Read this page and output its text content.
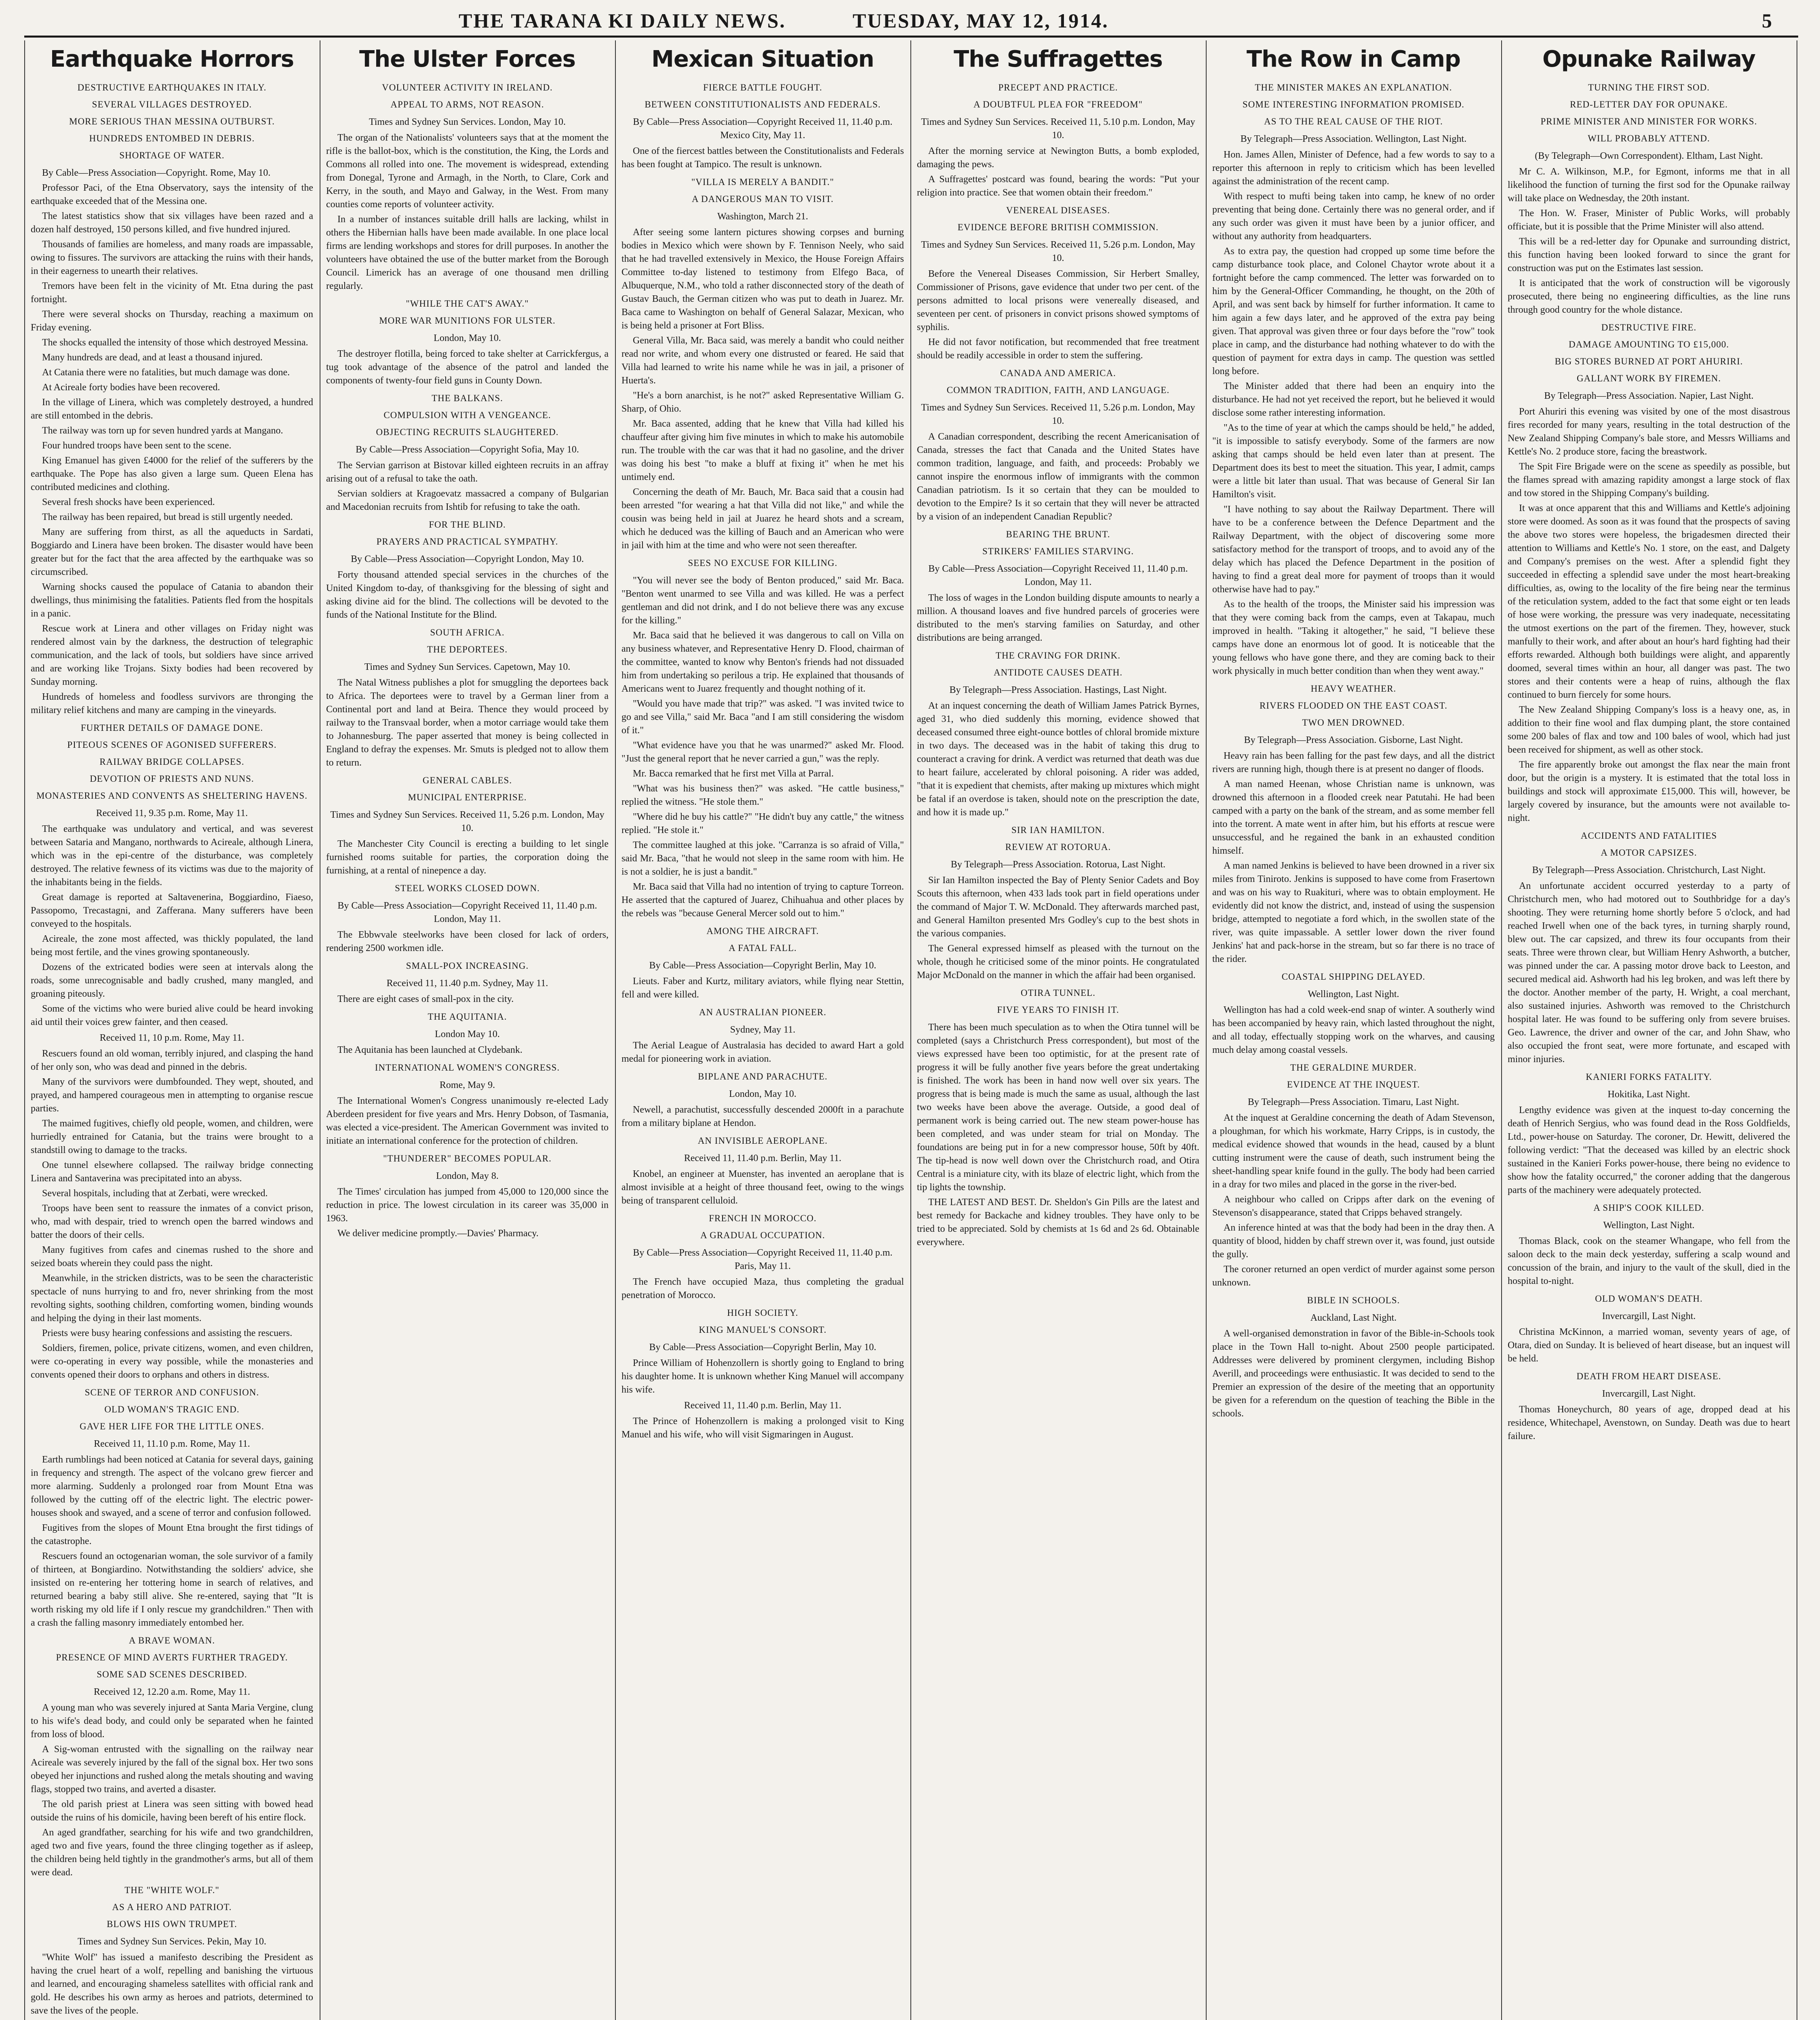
THE TARANA KI DAILY NEWS.	TUESDAY, MAY 12, 1914.	5
Earthquake Horrors
DESTRUCTIVE EARTHQUAKES IN ITALY.
SEVERAL VILLAGES DESTROYED.
MORE SERIOUS THAN MESSINA OUTBURST.
HUNDREDS ENTOMBED IN DEBRIS.
SHORTAGE OF WATER.

By Cable—Press Association—Copyright. Rome, May 10.

Professor Paci, of the Etna Observatory, says the intensity of the earthquake exceeded that of the Messina one.

The latest statistics show that six villages have been razed and a dozen half destroyed, 150 persons killed, and five hundred injured.

Thousands of families are homeless, and many roads are impassable, owing to fissures. The survivors are attacking the ruins with their hands, in their eagerness to unearth their relatives.

Tremors have been felt in the vicinity of Mt. Etna during the past fortnight.

There were several shocks on Thursday, reaching a maximum on Friday evening.

The shocks equalled the intensity of those which destroyed Messina.

Many hundreds are dead, and at least a thousand injured.

At Catania there were no fatalities, but much damage was done.

At Acireale forty bodies have been recovered.

In the village of Linera, which was completely destroyed, a hundred are still entombed in the debris.

The railway was torn up for seven hundred yards at Mangano.

Four hundred troops have been sent to the scene.

King Emanuel has given £4000 for the relief of the sufferers by the earthquake. The Pope has also given a large sum. Queen Elena has contributed medicines and clothing.

Several fresh shocks have been experienced.

The railway has been repaired, but bread is still urgently needed.

Many are suffering from thirst, as all the aqueducts in Sardati, Boggiardo and Linera have been broken. The disaster would have been greater but for the fact that the area affected by the earthquake was so circumscribed.

Warning shocks caused the populace of Catania to abandon their dwellings, thus minimising the fatalities. Patients fled from the hospitals in a panic.

Rescue work at Linera and other villages on Friday night was rendered almost vain by the darkness, the destruction of telegraphic communication, and the lack of tools, but soldiers have since arrived and are working like Trojans. Sixty bodies had been recovered by Sunday morning.

Hundreds of homeless and foodless survivors are thronging the military relief kitchens and many are camping in the vineyards.

FURTHER DETAILS OF DAMAGE DONE.
PITEOUS SCENES OF AGONISED SUFFERERS.
RAILWAY BRIDGE COLLAPSES.
DEVOTION OF PRIESTS AND NUNS.
MONASTERIES AND CONVENTS AS SHELTERING HAVENS.
Received 11, 9.35 p.m. Rome, May 11.

The earthquake was undulatory and vertical, and was severest between Sataria and Mangano, northwards to Acireale, although Linera, which was in the epi-centre of the disturbance, was completely destroyed. The relative fewness of its victims was due to the majority of the inhabitants being in the fields.

Great damage is reported at Saltavenerina, Boggiardino, Fiaeso, Passopomo, Trecastagni, and Zafferana. Many sufferers have been conveyed to the hospitals.

Acireale, the zone most affected, was thickly populated, the land being most fertile, and the vines growing spontaneously.

Dozens of the extricated bodies were seen at intervals along the roads, some unrecognisable and badly crushed, many mangled, and groaning piteously.

Some of the victims who were buried alive could be heard invoking aid until their voices grew fainter, and then ceased.

Received 11, 10 p.m. Rome, May 11.

Rescuers found an old woman, terribly injured, and clasping the hand of her only son, who was dead and pinned in the debris.

Many of the survivors were dumbfounded. They wept, shouted, and prayed, and hampered courageous men in attempting to organise rescue parties.

The maimed fugitives, chiefly old people, women, and children, were hurriedly entrained for Catania, but the trains were brought to a standstill owing to damage to the tracks.

One tunnel elsewhere collapsed. The railway bridge connecting Linera and Santaverina was precipitated into an abyss.

Several hospitals, including that at Zerbati, were wrecked.

Troops have been sent to reassure the inmates of a convict prison, who, mad with despair, tried to wrench open the barred windows and batter the doors of their cells.

Many fugitives from cafes and cinemas rushed to the shore and seized boats wherein they could pass the night.

Meanwhile, in the stricken districts, was to be seen the characteristic spectacle of nuns hurrying to and fro, never shrinking from the most revolting sights, soothing children, comforting women, binding wounds and helping the dying in their last moments.

Priests were busy hearing confessions and assisting the rescuers.

Soldiers, firemen, police, private citizens, women, and even children, were co-operating in every way possible, while the monasteries and convents opened their doors to orphans and others in distress.

SCENE OF TERROR AND CONFUSION.
OLD WOMAN'S TRAGIC END.
GAVE HER LIFE FOR THE LITTLE ONES.
Received 11, 11.10 p.m. Rome, May 11.

Earth rumblings had been noticed at Catania for several days, gaining in frequency and strength. The aspect of the volcano grew fiercer and more alarming. Suddenly a prolonged roar from Mount Etna was followed by the cutting off of the electric light. The electric power-houses shook and swayed, and a scene of terror and confusion followed.

Fugitives from the slopes of Mount Etna brought the first tidings of the catastrophe.

Rescuers found an octogenarian woman, the sole survivor of a family of thirteen, at Bongiardino. Notwithstanding the soldiers' advice, she insisted on re-entering her tottering home in search of relatives, and returned bearing a baby still alive. She re-entered, saying that "It is worth risking my old life if I only rescue my grandchildren." Then with a crash the falling masonry immediately entombed her.

A BRAVE WOMAN.
PRESENCE OF MIND AVERTS FURTHER TRAGEDY.
SOME SAD SCENES DESCRIBED.
Received 12, 12.20 a.m. Rome, May 11.

A young man who was severely injured at Santa Maria Vergine, clung to his wife's dead body, and could only be separated when he fainted from loss of blood.

A Sig-woman entrusted with the signalling on the railway near Acireale was severely injured by the fall of the signal box. Her two sons obeyed her injunctions and rushed along the metals shouting and waving flags, stopped two trains, and averted a disaster.

The old parish priest at Linera was seen sitting with bowed head outside the ruins of his domicile, having been bereft of his entire flock.

An aged grandfather, searching for his wife and two grandchildren, aged two and five years, found the three clinging together as if asleep, the children being held tightly in the grandmother's arms, but all of them were dead.

THE "WHITE WOLF."
AS A HERO AND PATRIOT.
BLOWS HIS OWN TRUMPET.
Times and Sydney Sun Services. Pekin, May 10.

"White Wolf" has issued a manifesto describing the President as having the cruel heart of a wolf, repelling and banishing the virtuous and learned, and encouraging shameless satellites with official rank and gold. He describes his own army as heroes and patriots, determined to save the lives of the people.

The Ulster Forces
VOLUNTEER ACTIVITY IN IRELAND.
APPEAL TO ARMS, NOT REASON.
Times and Sydney Sun Services. London, May 10.

The organ of the Nationalists' volunteers says that at the moment the rifle is the ballot-box, which is the constitution, the King, the Lords and Commons all rolled into one. The movement is widespread, extending from Donegal, Tyrone and Armagh, in the North, to Clare, Cork and Kerry, in the south, and Mayo and Galway, in the West. From many counties come reports of volunteer activity.

In a number of instances suitable drill halls are lacking, whilst in others the Hibernian halls have been made available. In one place local firms are lending workshops and stores for drill purposes. In another the volunteers have obtained the use of the butter market from the Borough Council. Limerick has an average of one thousand men drilling regularly.

"WHILE THE CAT'S AWAY."
MORE WAR MUNITIONS FOR ULSTER.
London, May 10.

The destroyer flotilla, being forced to take shelter at Carrickfergus, a tug took advantage of the absence of the patrol and landed the components of twenty-four field guns in County Down.

THE BALKANS.
COMPULSION WITH A VENGEANCE.
OBJECTING RECRUITS SLAUGHTERED.
By Cable—Press Association—Copyright Sofia, May 10.

The Servian garrison at Bistovar killed eighteen recruits in an affray arising out of a refusal to take the oath.

Servian soldiers at Kragoevatz massacred a company of Bulgarian and Macedonian recruits from Ishtib for refusing to take the oath.

FOR THE BLIND.
PRAYERS AND PRACTICAL SYMPATHY.
By Cable—Press Association—Copyright London, May 10.

Forty thousand attended special services in the churches of the United Kingdom to-day, of thanksgiving for the blessing of sight and asking divine aid for the blind. The collections will be devoted to the funds of the National Institute for the Blind.

SOUTH AFRICA.
THE DEPORTEES.
Times and Sydney Sun Services. Capetown, May 10.

The Natal Witness publishes a plot for smuggling the deportees back to Africa. The deportees were to travel by a German liner from a Continental port and land at Beira. Thence they would proceed by railway to the Transvaal border, when a motor carriage would take them to Johannesburg. The paper asserted that money is being collected in England to defray the expenses. Mr. Smuts is pledged not to allow them to return.

GENERAL CABLES.
MUNICIPAL ENTERPRISE.
Times and Sydney Sun Services. Received 11, 5.26 p.m. London, May 10.

The Manchester City Council is erecting a building to let single furnished rooms suitable for parties, the corporation doing the furnishing, at a rental of ninepence a day.

STEEL WORKS CLOSED DOWN.
By Cable—Press Association—Copyright Received 11, 11.40 p.m. London, May 11.

The Ebbwvale steelworks have been closed for lack of orders, rendering 2500 workmen idle.

SMALL-POX INCREASING.
Received 11, 11.40 p.m. Sydney, May 11.

There are eight cases of small-pox in the city.

THE AQUITANIA.
London May 10.

The Aquitania has been launched at Clydebank.

INTERNATIONAL WOMEN'S CONGRESS.
Rome, May 9.

The International Women's Congress unanimously re-elected Lady Aberdeen president for five years and Mrs. Henry Dobson, of Tasmania, was elected a vice-president. The American Government was invited to initiate an international conference for the protection of children.

"THUNDERER" BECOMES POPULAR.
London, May 8.

The Times' circulation has jumped from 45,000 to 120,000 since the reduction in price. The lowest circulation in its career was 35,000 in 1963.

We deliver medicine promptly.—Davies' Pharmacy.

Mexican Situation
FIERCE BATTLE FOUGHT.
BETWEEN CONSTITUTIONALISTS AND FEDERALS.
By Cable—Press Association—Copyright Received 11, 11.40 p.m. Mexico City, May 11.

One of the fiercest battles between the Constitutionalists and Federals has been fought at Tampico. The result is unknown.

"VILLA IS MERELY A BANDIT."
A DANGEROUS MAN TO VISIT.
Washington, March 21.

After seeing some lantern pictures showing corpses and burning bodies in Mexico which were shown by F. Tennison Neely, who said that he had travelled extensively in Mexico, the House Foreign Affairs Committee to-day listened to testimony from Elfego Baca, of Albuquerque, N.M., who told a rather disconnected story of the death of Gustav Bauch, the German citizen who was put to death in Juarez. Mr. Baca came to Washington on behalf of General Salazar, Mexican, who is being held a prisoner at Fort Bliss.

General Villa, Mr. Baca said, was merely a bandit who could neither read nor write, and whom every one distrusted or feared. He said that Villa had learned to write his name while he was in jail, a prisoner of Huerta's.

"He's a born anarchist, is he not?" asked Representative William G. Sharp, of Ohio.

Mr. Baca assented, adding that he knew that Villa had killed his chauffeur after giving him five minutes in which to make his automobile run. The trouble with the car was that it had no gasoline, and the driver was doing his best "to make a bluff at fixing it" when he met his untimely end.

Concerning the death of Mr. Bauch, Mr. Baca said that a cousin had been arrested "for wearing a hat that Villa did not like," and while the cousin was being held in jail at Juarez he heard shots and a scream, which he deduced was the killing of Bauch and an American who were in jail with him at the time and who were not seen thereafter.

SEES NO EXCUSE FOR KILLING.

"You will never see the body of Benton produced," said Mr. Baca. "Benton went unarmed to see Villa and was killed. He was a perfect gentleman and did not drink, and I do not believe there was any excuse for the killing."

Mr. Baca said that he believed it was dangerous to call on Villa on any business whatever, and Representative Henry D. Flood, chairman of the committee, wanted to know why Benton's friends had not dissuaded him from undertaking so perilous a trip. He explained that thousands of Americans went to Juarez frequently and thought nothing of it.

"Would you have made that trip?" was asked. "I was invited twice to go and see Villa," said Mr. Baca "and I am still considering the wisdom of it."

"What evidence have you that he was unarmed?" asked Mr. Flood. "Just the general report that he never carried a gun," was the reply.

Mr. Bacca remarked that he first met Villa at Parral.

"What was his business then?" was asked. "He cattle business," replied the witness. "He stole them."

"Where did he buy his cattle?" "He didn't buy any cattle," the witness replied. "He stole it."

The committee laughed at this joke. "Carranza is so afraid of Villa," said Mr. Baca, "that he would not sleep in the same room with him. He is not a soldier, he is just a bandit."

Mr. Baca said that Villa had no intention of trying to capture Torreon. He asserted that the captured of Juarez, Chihuahua and other places by the rebels was "because General Mercer sold out to him."

AMONG THE AIRCRAFT.
A FATAL FALL.
By Cable—Press Association—Copyright Berlin, May 10.

Lieuts. Faber and Kurtz, military aviators, while flying near Stettin, fell and were killed.

AN AUSTRALIAN PIONEER.
Sydney, May 11.

The Aerial League of Australasia has decided to award Hart a gold medal for pioneering work in aviation.

BIPLANE AND PARACHUTE.
London, May 10.

Newell, a parachutist, successfully descended 2000ft in a parachute from a military biplane at Hendon.

AN INVISIBLE AEROPLANE.
Received 11, 11.40 p.m. Berlin, May 11.

Knobel, an engineer at Muenster, has invented an aeroplane that is almost invisible at a height of three thousand feet, owing to the wings being of transparent celluloid.

FRENCH IN MOROCCO.
A GRADUAL OCCUPATION.
By Cable—Press Association—Copyright Received 11, 11.40 p.m. Paris, May 11.

The French have occupied Maza, thus completing the gradual penetration of Morocco.

HIGH SOCIETY.
KING MANUEL'S CONSORT.
By Cable—Press Association—Copyright Berlin, May 10.

Prince William of Hohenzollern is shortly going to England to bring his daughter home. It is unknown whether King Manuel will accompany his wife.

Received 11, 11.40 p.m. Berlin, May 11.

The Prince of Hohenzollern is making a prolonged visit to King Manuel and his wife, who will visit Sigmaringen in August.

The Suffragettes
PRECEPT AND PRACTICE.
A DOUBTFUL PLEA FOR "FREEDOM"
Times and Sydney Sun Services. Received 11, 5.10 p.m. London, May 10.

After the morning service at Newington Butts, a bomb exploded, damaging the pews.

A Suffragettes' postcard was found, bearing the words: "Put your religion into practice. See that women obtain their freedom."

VENEREAL DISEASES.
EVIDENCE BEFORE BRITISH COMMISSION.
Times and Sydney Sun Services. Received 11, 5.26 p.m. London, May 10.

Before the Venereal Diseases Commission, Sir Herbert Smalley, Commissioner of Prisons, gave evidence that under two per cent. of the persons admitted to local prisons were venereally diseased, and seventeen per cent. of prisoners in convict prisons showed symptoms of syphilis.

He did not favor notification, but recommended that free treatment should be readily accessible in order to stem the suffering.

CANADA AND AMERICA.
COMMON TRADITION, FAITH, AND LANGUAGE.
Times and Sydney Sun Services. Received 11, 5.26 p.m. London, May 10.

A Canadian correspondent, describing the recent Americanisation of Canada, stresses the fact that Canada and the United States have common tradition, language, and faith, and proceeds: Probably we cannot inspire the enormous inflow of immigrants with the common Canadian patriotism. Is it so certain that they can be moulded to devotion to the Empire? Is it so certain that they will never be attracted by a vision of an independent Canadian Republic?

BEARING THE BRUNT.
STRIKERS' FAMILIES STARVING.
By Cable—Press Association—Copyright Received 11, 11.40 p.m. London, May 11.

The loss of wages in the London building dispute amounts to nearly a million. A thousand loaves and five hundred parcels of groceries were distributed to the men's starving families on Saturday, and other distributions are being arranged.

THE CRAVING FOR DRINK.
ANTIDOTE CAUSES DEATH.
By Telegraph—Press Association. Hastings, Last Night.

At an inquest concerning the death of William James Patrick Byrnes, aged 31, who died suddenly this morning, evidence showed that deceased consumed three eight-ounce bottles of chloral bromide mixture in two days. The deceased was in the habit of taking this drug to counteract a craving for drink. A verdict was returned that death was due to heart failure, accelerated by chloral poisoning. A rider was added, "that it is expedient that chemists, after making up mixtures which might be fatal if an overdose is taken, should note on the prescription the date, and how it is made up."

SIR IAN HAMILTON.
REVIEW AT ROTORUA.
By Telegraph—Press Association. Rotorua, Last Night.

Sir Ian Hamilton inspected the Bay of Plenty Senior Cadets and Boy Scouts this afternoon, when 433 lads took part in field operations under the command of Major T. W. McDonald. They afterwards marched past, and General Hamilton presented Mrs Godley's cup to the best shots in the various companies.

The General expressed himself as pleased with the turnout on the whole, though he criticised some of the minor points. He congratulated Major McDonald on the manner in which the affair had been organised.

OTIRA TUNNEL.
FIVE YEARS TO FINISH IT.

There has been much speculation as to when the Otira tunnel will be completed (says a Christchurch Press correspondent), but most of the views expressed have been too optimistic, for at the present rate of progress it will be fully another five years before the great undertaking is finished. The work has been in hand now well over six years. The progress that is being made is much the same as usual, although the last two weeks have been above the average. Outside, a good deal of permanent work is being carried out. The new steam power-house has been completed, and was under steam for trial on Monday. The foundations are being put in for a new compressor house, 50ft by 40ft. The tip-head is now well down over the Christchurch road, and Otira Central is a miniature city, with its blaze of electric light, which from the tip lights the township.

THE LATEST AND BEST. Dr. Sheldon's Gin Pills are the latest and best remedy for Backache and kidney troubles. They have only to be tried to be appreciated. Sold by chemists at 1s 6d and 2s 6d. Obtainable everywhere.

The Row in Camp
THE MINISTER MAKES AN EXPLANATION.
SOME INTERESTING INFORMATION PROMISED.
AS TO THE REAL CAUSE OF THE RIOT.
By Telegraph—Press Association. Wellington, Last Night.

Hon. James Allen, Minister of Defence, had a few words to say to a reporter this afternoon in reply to criticism which has been levelled against the administration of the recent camp.

With respect to mufti being taken into camp, he knew of no order preventing that being done. Certainly there was no general order, and if any such order was given it must have been by a junior officer, and without any authority from headquarters.

As to extra pay, the question had cropped up some time before the camp disturbance took place, and Colonel Chaytor wrote about it a fortnight before the camp commenced. The letter was forwarded on to him by the General-Officer Commanding, he thought, on the 20th of April, and was sent back by himself for further information. It came to him again a few days later, and he approved of the extra pay being given. That approval was given three or four days before the "row" took place in camp, and the disturbance had nothing whatever to do with the question of payment for extra days in camp. The question was settled long before.

The Minister added that there had been an enquiry into the disturbance. He had not yet received the report, but he believed it would disclose some rather interesting information.

"As to the time of year at which the camps should be held," he added, "it is impossible to satisfy everybody. Some of the farmers are now asking that camps should be held even later than at present. The Department does its best to meet the situation. This year, I admit, camps were a little bit later than usual. That was because of General Sir Ian Hamilton's visit.

"I have nothing to say about the Railway Department. There will have to be a conference between the Defence Department and the Railway Department, with the object of discovering some more satisfactory method for the transport of troops, and to avoid any of the delay which has placed the Defence Department in the position of having to find a great deal more for payment of troops than it would otherwise have had to pay."

As to the health of the troops, the Minister said his impression was that they were coming back from the camps, even at Takapau, much improved in health. "Taking it altogether," he said, "I believe these camps have done an enormous lot of good. It is noticeable that the young fellows who have gone there, and they are coming back to their work physically in much better condition than when they went away."

HEAVY WEATHER.
RIVERS FLOODED ON THE EAST COAST.
TWO MEN DROWNED.
By Telegraph—Press Association. Gisborne, Last Night.

Heavy rain has been falling for the past few days, and all the district rivers are running high, though there is at present no danger of floods.

A man named Heenan, whose Christian name is unknown, was drowned this afternoon in a flooded creek near Patutahi. He had been camped with a party on the bank of the stream, and as some member fell into the torrent. A mate went in after him, but his efforts at rescue were unsuccessful, and he regained the bank in an exhausted condition himself.

A man named Jenkins is believed to have been drowned in a river six miles from Tiniroto. Jenkins is supposed to have come from Frasertown and was on his way to Ruakituri, where was to obtain employment. He evidently did not know the district, and, instead of using the suspension bridge, attempted to negotiate a ford which, in the swollen state of the river, was quite impassable. A settler lower down the river found Jenkins' hat and pack-horse in the stream, but so far there is no trace of the rider.

COASTAL SHIPPING DELAYED.
Wellington, Last Night.

Wellington has had a cold week-end snap of winter. A southerly wind has been accompanied by heavy rain, which lasted throughout the night, and all today, effectually stopping work on the wharves, and causing much delay among coastal vessels.

THE GERALDINE MURDER.
EVIDENCE AT THE INQUEST.
By Telegraph—Press Association. Timaru, Last Night.

At the inquest at Geraldine concerning the death of Adam Stevenson, a ploughman, for which his workmate, Harry Cripps, is in custody, the medical evidence showed that wounds in the head, caused by a blunt cutting instrument were the cause of death, such instrument being the sheet-handling spear knife found in the gully. The body had been carried in a dray for two miles and placed in the gorse in the river-bed.

A neighbour who called on Cripps after dark on the evening of Stevenson's disappearance, stated that Cripps behaved strangely.

An inference hinted at was that the body had been in the dray then. A quantity of blood, hidden by chaff strewn over it, was found, just outside the gully.

The coroner returned an open verdict of murder against some person unknown.

BIBLE IN SCHOOLS.
Auckland, Last Night.

A well-organised demonstration in favor of the Bible-in-Schools took place in the Town Hall to-night. About 2500 people participated. Addresses were delivered by prominent clergymen, including Bishop Averill, and proceedings were enthusiastic. It was decided to send to the Premier an expression of the desire of the meeting that an opportunity be given for a referendum on the question of teaching the Bible in the schools.

Opunake Railway
TURNING THE FIRST SOD.
RED-LETTER DAY FOR OPUNAKE.
PRIME MINISTER AND MINISTER FOR WORKS.
WILL PROBABLY ATTEND.
(By Telegraph—Own Correspondent). Eltham, Last Night.

Mr C. A. Wilkinson, M.P., for Egmont, informs me that in all likelihood the function of turning the first sod for the Opunake railway will take place on Wednesday, the 20th instant.

The Hon. W. Fraser, Minister of Public Works, will probably officiate, but it is possible that the Prime Minister will also attend.

This will be a red-letter day for Opunake and surrounding district, this function having been looked forward to since the grant for construction was put on the Estimates last session.

It is anticipated that the work of construction will be vigorously prosecuted, there being no engineering difficulties, as the line runs through good country for the whole distance.

DESTRUCTIVE FIRE.
DAMAGE AMOUNTING TO £15,000.
BIG STORES BURNED AT PORT AHURIRI.
GALLANT WORK BY FIREMEN.
By Telegraph—Press Association. Napier, Last Night.

Port Ahuriri this evening was visited by one of the most disastrous fires recorded for many years, resulting in the total destruction of the New Zealand Shipping Company's bale store, and Messrs Williams and Kettle's No. 2 produce store, facing the breastwork.

The Spit Fire Brigade were on the scene as speedily as possible, but the flames spread with amazing rapidity amongst a large stock of flax and tow stored in the Shipping Company's building.

It was at once apparent that this and Williams and Kettle's adjoining store were doomed. As soon as it was found that the prospects of saving the above two stores were hopeless, the brigadesmen directed their attention to Williams and Kettle's No. 1 store, on the east, and Dalgety and Company's premises on the west. After a splendid fight they succeeded in effecting a splendid save under the most heart-breaking difficulties, as, owing to the locality of the fire being near the terminus of the reticulation system, added to the fact that some eight or ten leads of hose were working, the pressure was very inadequate, necessitating the utmost exertions on the part of the firemen. They, however, stuck manfully to their work, and after about an hour's hard fighting had their efforts rewarded. Although both buildings were alight, and apparently doomed, several times within an hour, all danger was past. The two stores and their contents were a heap of ruins, although the flax continued to burn fiercely for some hours.

The New Zealand Shipping Company's loss is a heavy one, as, in addition to their fine wool and flax dumping plant, the store contained some 200 bales of flax and tow and 100 bales of wool, which had just been received for shipment, as well as other stock.

The fire apparently broke out amongst the flax near the main front door, but the origin is a mystery. It is estimated that the total loss in buildings and stock will approximate £15,000. This will, however, be largely covered by insurance, but the amounts were not available to-night.

ACCIDENTS AND FATALITIES
A MOTOR CAPSIZES.
By Telegraph—Press Association. Christchurch, Last Night.

An unfortunate accident occurred yesterday to a party of Christchurch men, who had motored out to Southbridge for a day's shooting. They were returning home shortly before 5 o'clock, and had reached Irwell when one of the back tyres, in turning sharply round, blew out. The car capsized, and threw its four occupants from their seats. Three were thrown clear, but William Henry Ashworth, a butcher, was pinned under the car. A passing motor drove back to Leeston, and secured medical aid. Ashworth had his leg broken, and was left there by the doctor. Another member of the party, H. Wright, a coal merchant, also sustained injuries. Ashworth was removed to the Christchurch hospital later. He was found to be suffering only from severe bruises. Geo. Lawrence, the driver and owner of the car, and John Shaw, who also occupied the front seat, were more fortunate, and escaped with minor injuries.

KANIERI FORKS FATALITY.
Hokitika, Last Night.

Lengthy evidence was given at the inquest to-day concerning the death of Henrich Sergius, who was found dead in the Ross Goldfields, Ltd., power-house on Saturday. The coroner, Dr. Hewitt, delivered the following verdict: "That the deceased was killed by an electric shock sustained in the Kanieri Forks power-house, there being no evidence to show how the fatality occurred," the coroner adding that the dangerous parts of the machinery were adequately protected.

A SHIP'S COOK KILLED.
Wellington, Last Night.

Thomas Black, cook on the steamer Whangape, who fell from the saloon deck to the main deck yesterday, suffering a scalp wound and concussion of the brain, and injury to the vault of the skull, died in the hospital to-night.

OLD WOMAN'S DEATH.
Invercargill, Last Night.

Christina McKinnon, a married woman, seventy years of age, of Otara, died on Sunday. It is believed of heart disease, but an inquest will be held.

DEATH FROM HEART DISEASE.
Invercargill, Last Night.

Thomas Honeychurch, 80 years of age, dropped dead at his residence, Whitechapel, Avenstown, on Sunday. Death was due to heart failure.
